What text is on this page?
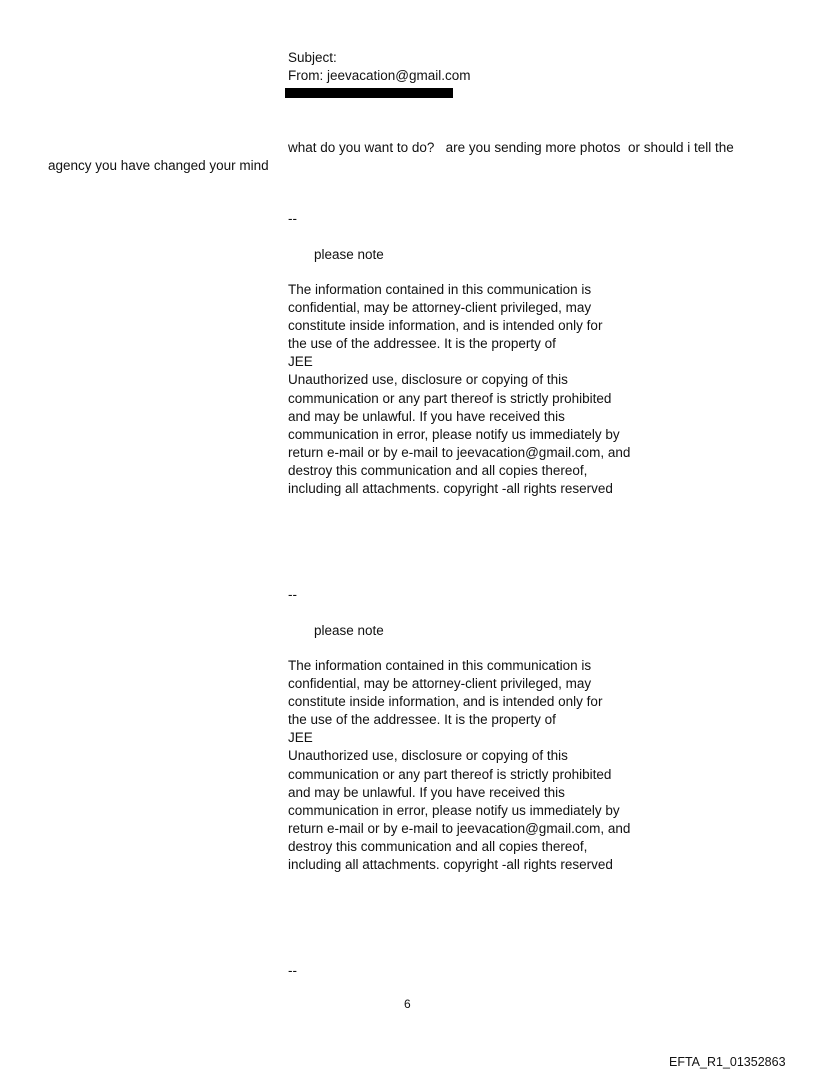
Subject:
From: jeevacation@gmail.com
what do you want to do?   are you sending more photos  or should i tell the
agency you have changed your mind
--
please note
The information contained in this communication is
confidential, may be attorney-client privileged, may
constitute inside information, and is intended only for
the use of the addressee. It is the property of
JEE
Unauthorized use, disclosure or copying of this
communication or any part thereof is strictly prohibited
and may be unlawful. If you have received this
communication in error, please notify us immediately by
return e-mail or by e-mail to jeevacation@gmail.com, and
destroy this communication and all copies thereof,
including all attachments. copyright -all rights reserved
--
please note
The information contained in this communication is
confidential, may be attorney-client privileged, may
constitute inside information, and is intended only for
the use of the addressee. It is the property of
JEE
Unauthorized use, disclosure or copying of this
communication or any part thereof is strictly prohibited
and may be unlawful. If you have received this
communication in error, please notify us immediately by
return e-mail or by e-mail to jeevacation@gmail.com, and
destroy this communication and all copies thereof,
including all attachments. copyright -all rights reserved
--
6
EFTA_R1_01352863
